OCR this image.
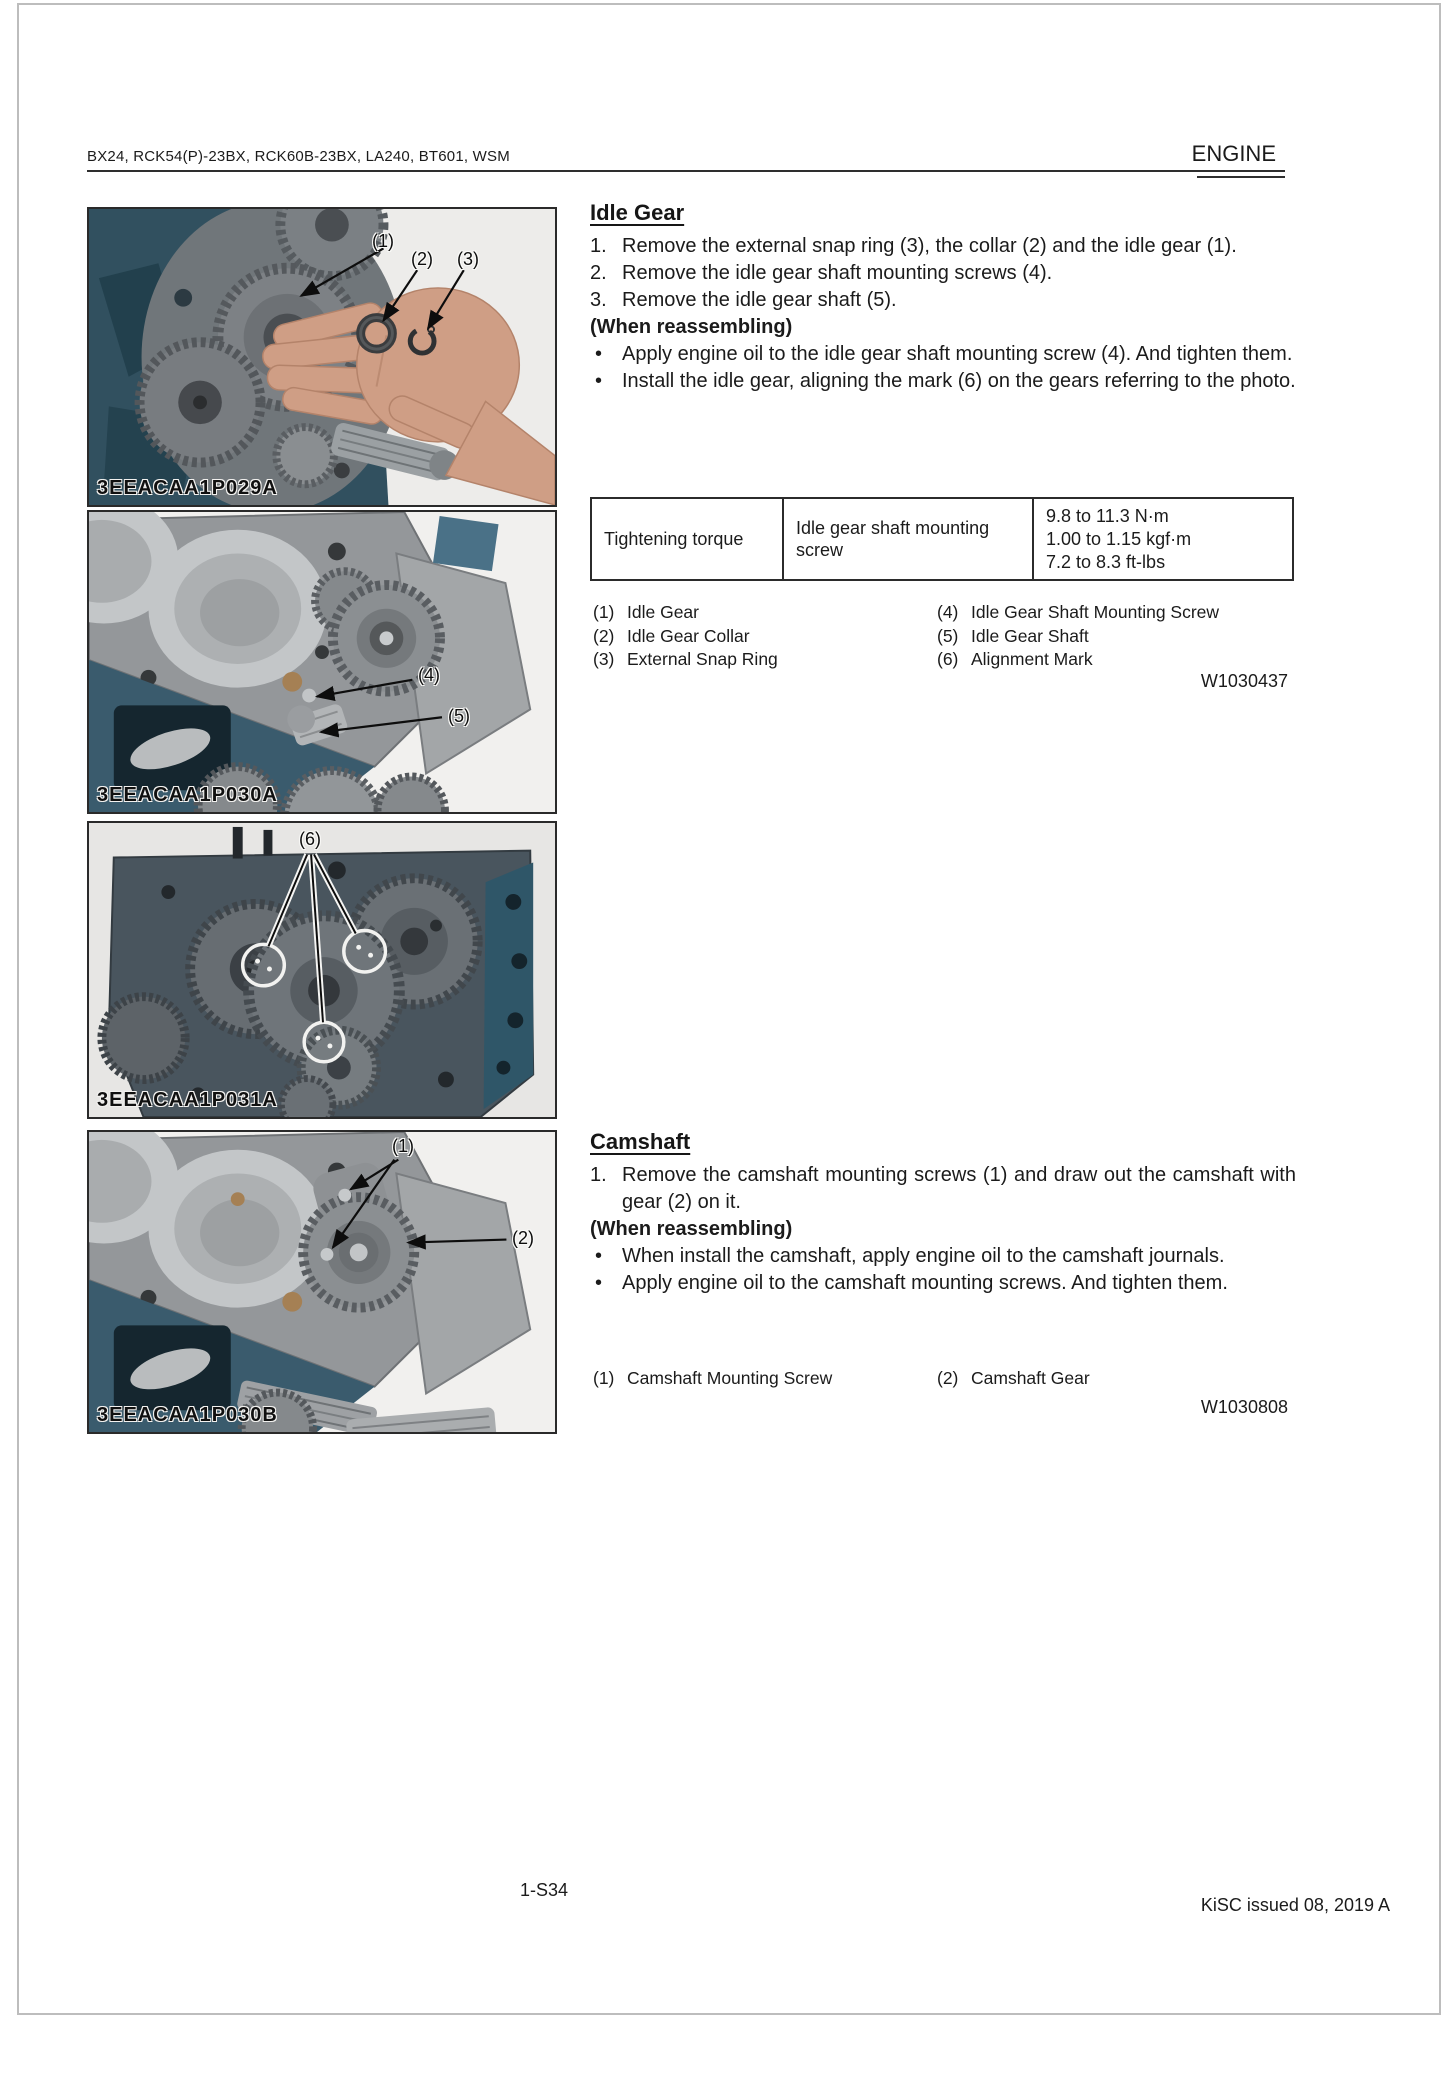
BX24, RCK54(P)-23BX, RCK60B-23BX, LA240, BT601, WSM	ENGINE
(1)
(2) (3)
3EEACAA1P029A
(4)
(5)
3EEACAA1P030A
(6)
3EEACAA1P031A
(1)
(2)
3EEACAA1P030B
Idle Gear
1. Remove the external snap ring (3), the collar (2) and the idle gear (1).
2. Remove the idle gear shaft mounting screws (4).
3. Remove the idle gear shaft (5).
(When reassembling)
• Apply engine oil to the idle gear shaft mounting screw (4). And tighten them.
• Install the idle gear, aligning the mark (6) on the gears referring to the photo.
Tightening torque
Idle gear shaft mounting screw
9.8 to 11.3 N·m
1.00 to 1.15 kgf·m
7.2 to 8.3 ft-lbs
(1) Idle Gear
(2) Idle Gear Collar
(3) External Snap Ring
(4) Idle Gear Shaft Mounting Screw
(5) Idle Gear Shaft
(6) Alignment Mark
W1030437
Camshaft
1. Remove the camshaft mounting screws (1) and draw out the camshaft with gear (2) on it.
(When reassembling)
• When install the camshaft, apply engine oil to the camshaft journals.
• Apply engine oil to the camshaft mounting screws. And tighten them.
(1) Camshaft Mounting Screw	(2) Camshaft Gear
W1030808
1-S34
KiSC issued 08, 2019 A
